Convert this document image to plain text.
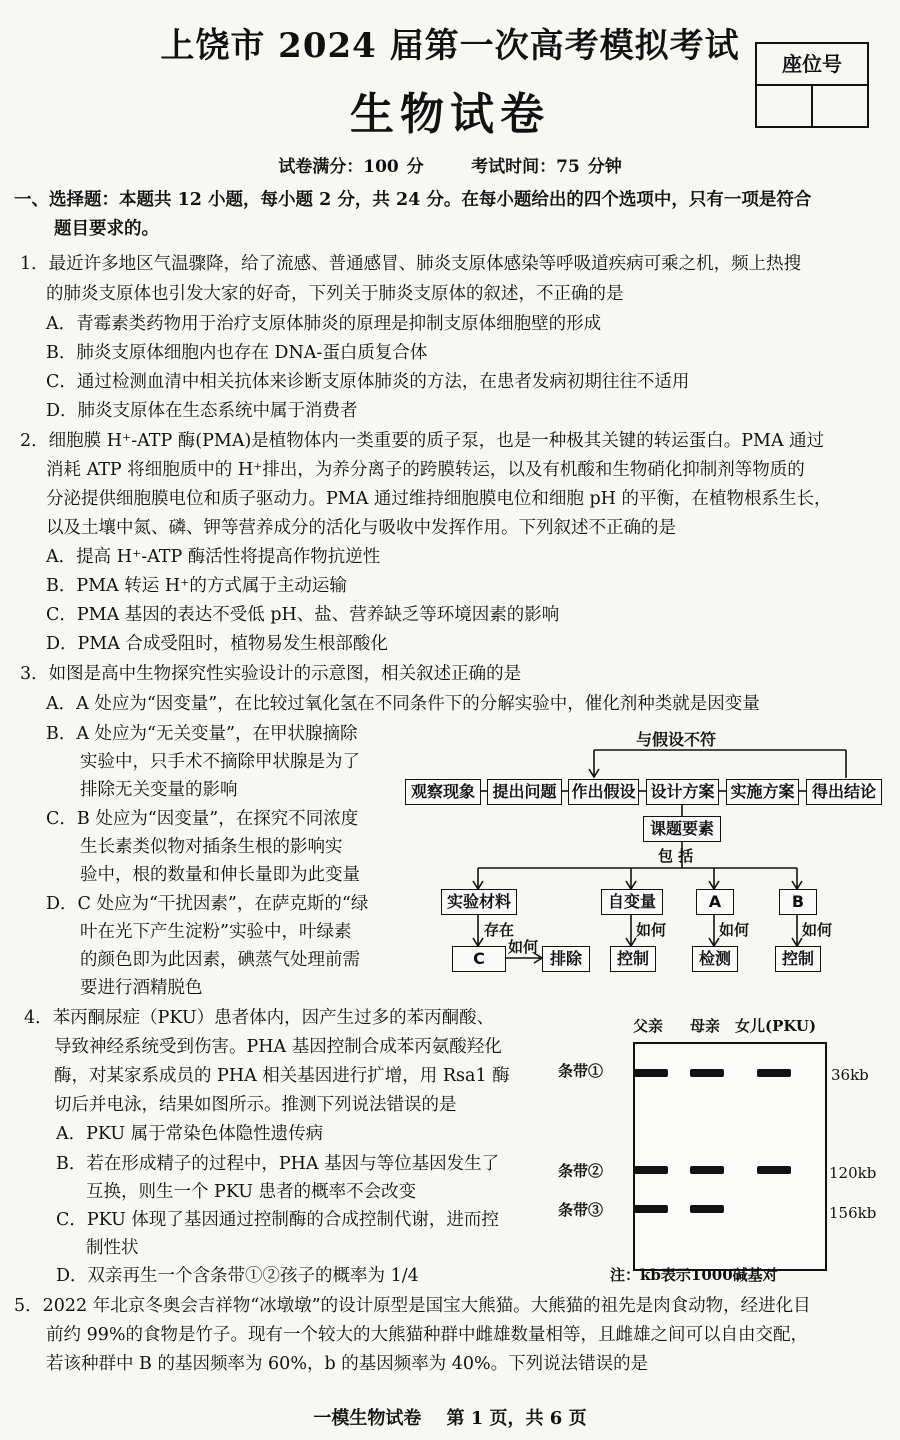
上饶市 2024 届第一次高考模拟考试
生物试卷
座位号
试卷满分：100 分      考试时间：75 分钟
一、选择题：本题共 12 小题，每小题 2 分，共 24 分。在每小题给出的四个选项中，只有一项是符合
题目要求的。
1．最近许多地区气温骤降，给了流感、普通感冒、肺炎支原体感染等呼吸道疾病可乘之机，频上热搜
的肺炎支原体也引发大家的好奇，下列关于肺炎支原体的叙述，不正确的是
A．青霉素类药物用于治疗支原体肺炎的原理是抑制支原体细胞壁的形成
B．肺炎支原体细胞内也存在 DNA-蛋白质复合体
C．通过检测血清中相关抗体来诊断支原体肺炎的方法，在患者发病初期往往不适用
D．肺炎支原体在生态系统中属于消费者
2．细胞膜 H⁺-ATP 酶(PMA)是植物体内一类重要的质子泵，也是一种极其关键的转运蛋白。PMA 通过
消耗 ATP 将细胞质中的 H⁺排出，为养分离子的跨膜转运，以及有机酸和生物硝化抑制剂等物质的
分泌提供细胞膜电位和质子驱动力。PMA 通过维持细胞膜电位和细胞 pH 的平衡，在植物根系生长，
以及土壤中氮、磷、钾等营养成分的活化与吸收中发挥作用。下列叙述不正确的是
A．提高 H⁺-ATP 酶活性将提高作物抗逆性
B．PMA 转运 H⁺的方式属于主动运输
C．PMA 基因的表达不受低 pH、盐、营养缺乏等环境因素的影响
D．PMA 合成受阻时，植物易发生根部酸化
3．如图是高中生物探究性实验设计的示意图，相关叙述正确的是
A．A 处应为“因变量”，在比较过氧化氢在不同条件下的分解实验中，催化剂种类就是因变量
B．A 处应为“无关变量”，在甲状腺摘除
实验中，只手术不摘除甲状腺是为了
排除无关变量的影响
C．B 处应为“因变量”，在探究不同浓度
生长素类似物对插条生根的影响实
验中，根的数量和伸长量即为此变量
D．C 处应为“干扰因素”，在萨克斯的“绿
叶在光下产生淀粉”实验中，叶绿素
的颜色即为此因素，碘蒸气处理前需
要进行酒精脱色
与假设不符
观察现象	提出问题 作出假设 设计方案 实施方案	得出结论
课题要素
包 括
实验材料	自变量	A	B
存在
如何
如何	如何	如何
C	排除	控制	检测	控制
4．苯丙酮尿症（PKU）患者体内，因产生过多的苯丙酮酸、
导致神经系统受到伤害。PHA 基因控制合成苯丙氨酸羟化
酶，对某家系成员的 PHA 相关基因进行扩增，用 Rsa1 酶
切后并电泳，结果如图所示。推测下列说法错误的是
A．PKU 属于常染色体隐性遗传病
B．若在形成精子的过程中，PHA 基因与等位基因发生了
互换，则生一个 PKU 患者的概率不会改变
C．PKU 体现了基因通过控制酶的合成控制代谢，进而控
制性状
D．双亲再生一个含条带①②孩子的概率为 1/4
父亲 母亲 女儿(PKU)
条带①
条带②
条带③
36kb
120kb
156kb
注：kb表示1000碱基对
5．2022 年北京冬奥会吉祥物“冰墩墩”的设计原型是国宝大熊猫。大熊猫的祖先是肉食动物，经进化目
前约 99%的食物是竹子。现有一个较大的大熊猫种群中雌雄数量相等，且雌雄之间可以自由交配，
若该种群中 B 的基因频率为 60%，b 的基因频率为 40%。下列说法错误的是
一模生物试卷    第 1 页，共 6 页
